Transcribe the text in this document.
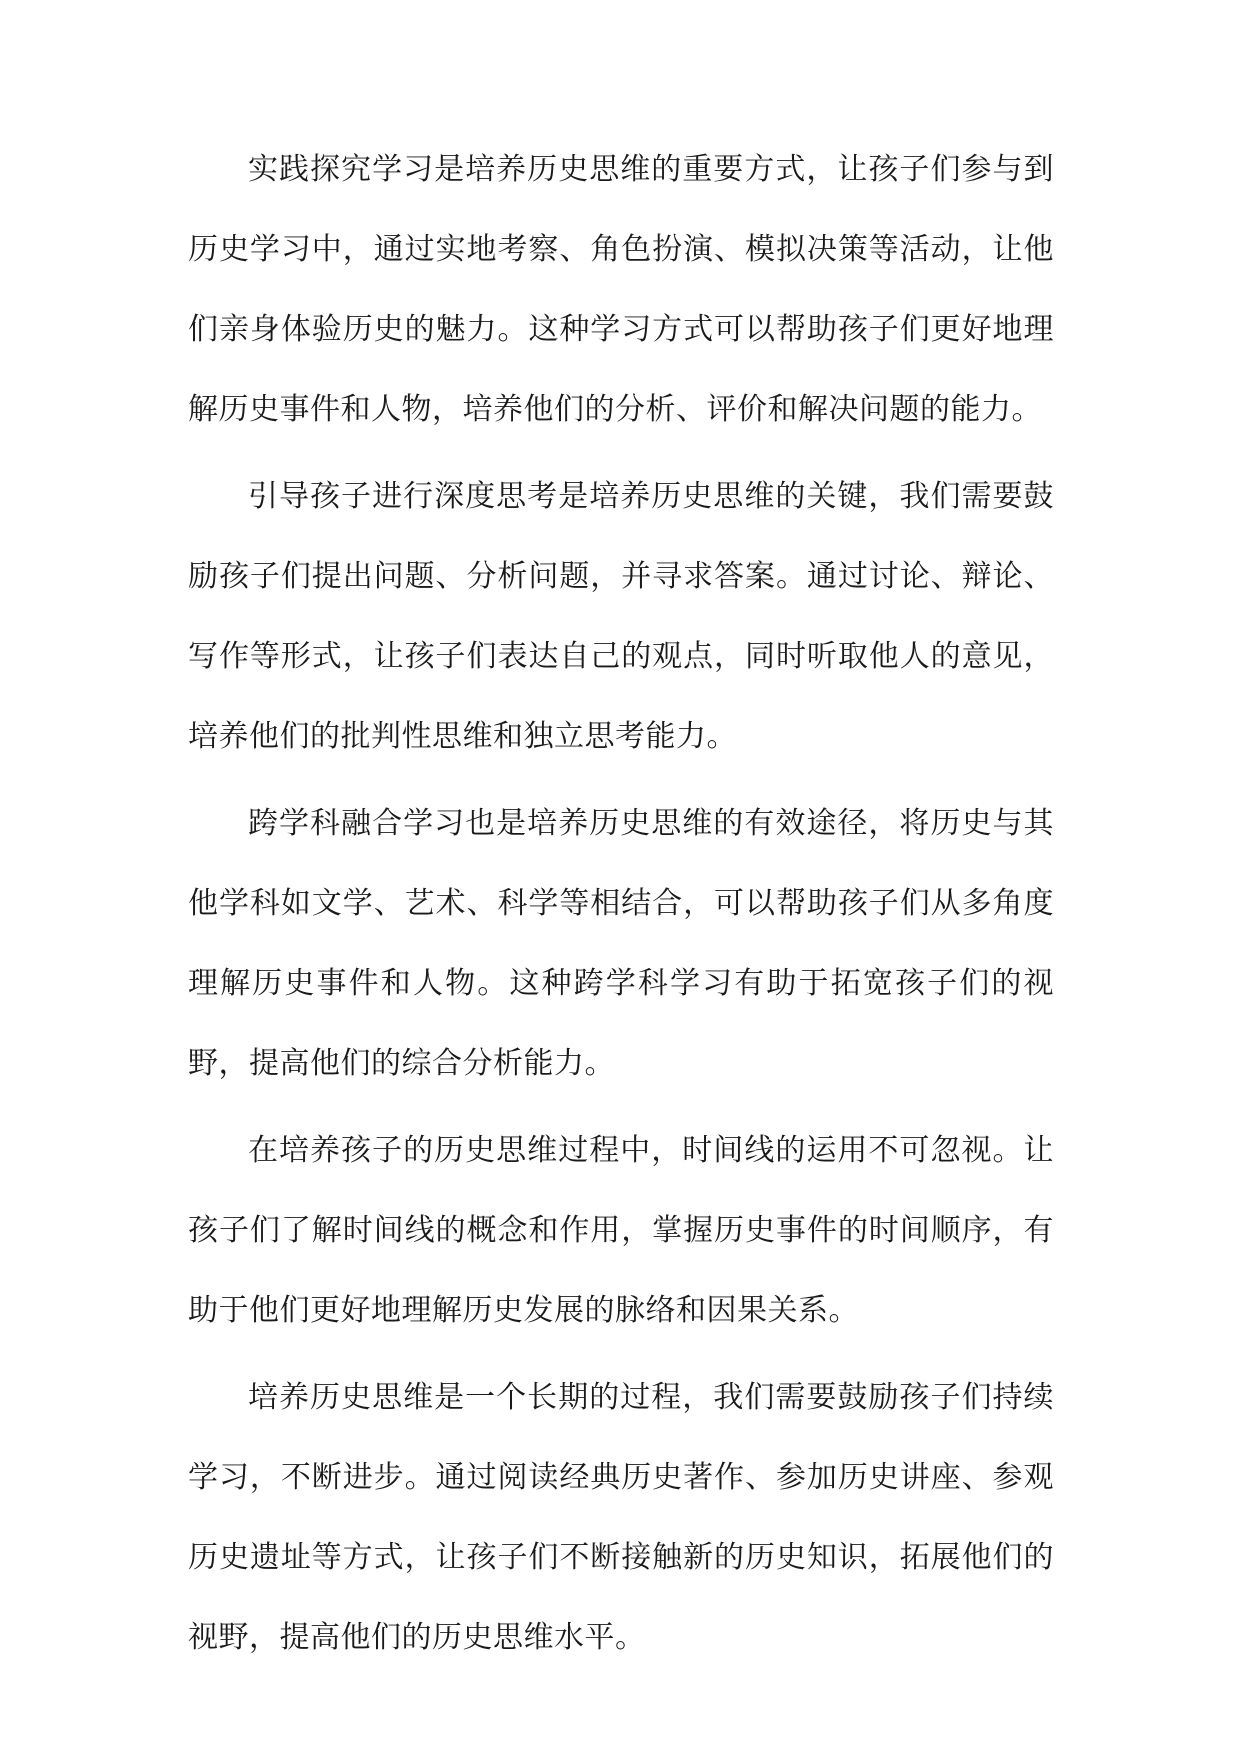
实践探究学习是培养历史思维的重要方式，让孩子们参与到历史学习中，通过实地考察、角色扮演、模拟决策等活动，让他们亲身体验历史的魅力。这种学习方式可以帮助孩子们更好地理解历史事件和人物，培养他们的分析、评价和解决问题的能力。

引导孩子进行深度思考是培养历史思维的关键，我们需要鼓励孩子们提出问题、分析问题，并寻求答案。通过讨论、辩论、写作等形式，让孩子们表达自己的观点，同时听取他人的意见，培养他们的批判性思维和独立思考能力。

跨学科融合学习也是培养历史思维的有效途径，将历史与其他学科如文学、艺术、科学等相结合，可以帮助孩子们从多角度理解历史事件和人物。这种跨学科学习有助于拓宽孩子们的视野，提高他们的综合分析能力。

在培养孩子的历史思维过程中，时间线的运用不可忽视。让孩子们了解时间线的概念和作用，掌握历史事件的时间顺序，有助于他们更好地理解历史发展的脉络和因果关系。

培养历史思维是一个长期的过程，我们需要鼓励孩子们持续学习，不断进步。通过阅读经典历史著作、参加历史讲座、参观历史遗址等方式，让孩子们不断接触新的历史知识，拓展他们的视野，提高他们的历史思维水平。
